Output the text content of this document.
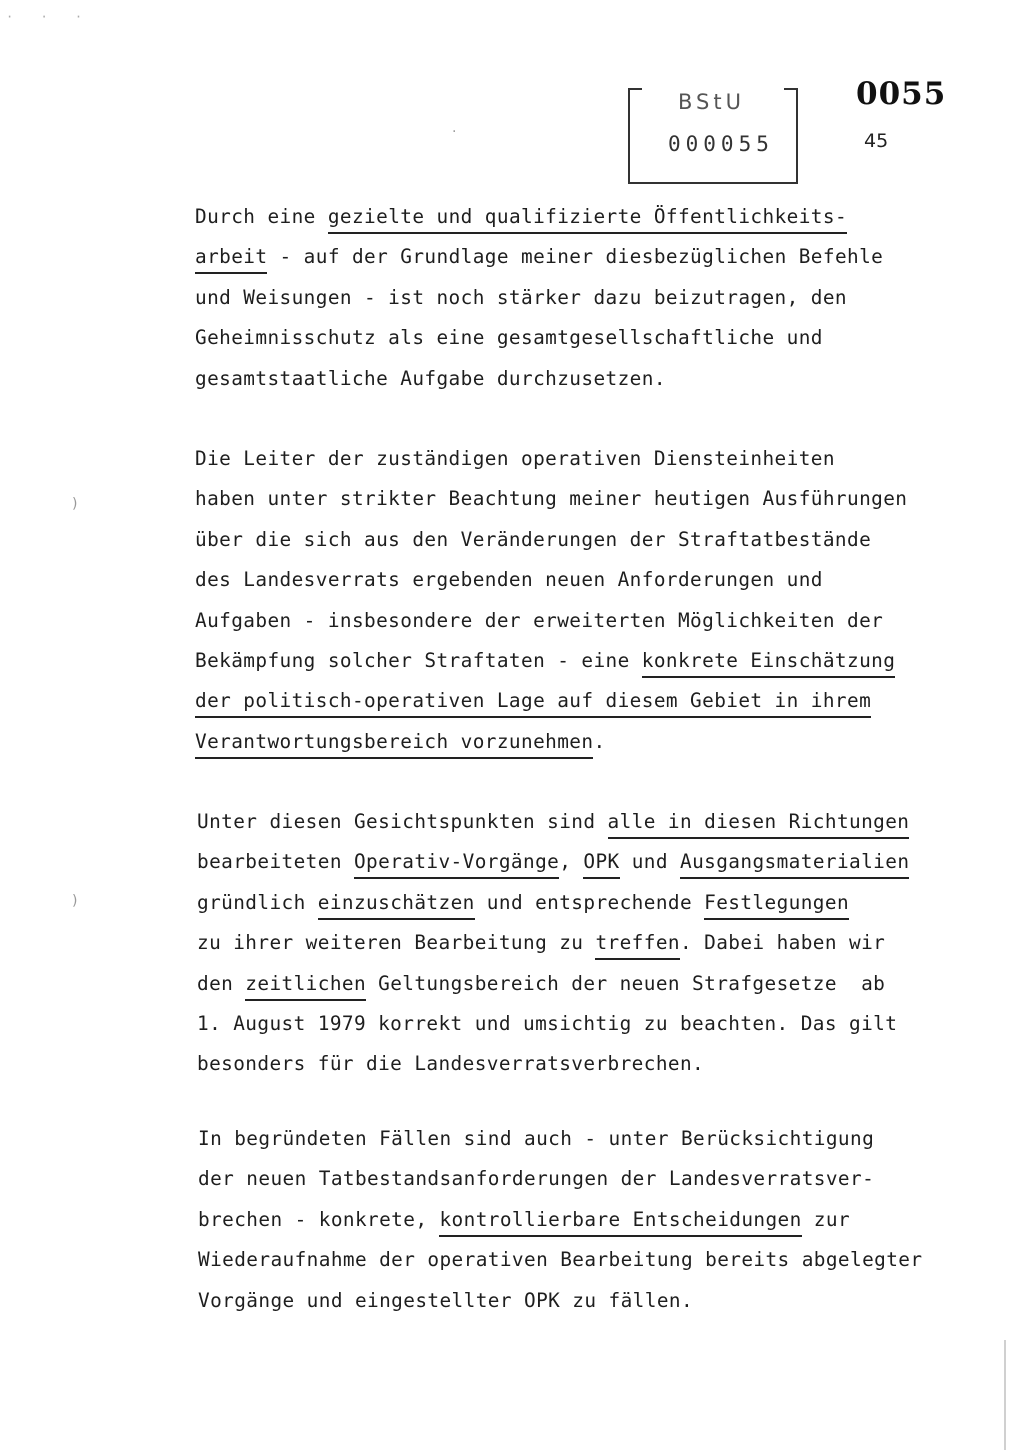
· · ·
BStU
000055
0055
45
·
)
)
Durch eine gezielte und qualifizierte Öffentlichkeits-
arbeit - auf der Grundlage meiner diesbezüglichen Befehle
und Weisungen - ist noch stärker dazu beizutragen, den
Geheimnisschutz als eine gesamtgesellschaftliche und
gesamtstaatliche Aufgabe durchzusetzen.
Die Leiter der zuständigen operativen Diensteinheiten
haben unter strikter Beachtung meiner heutigen Ausführungen
über die sich aus den Veränderungen der Straftatbestände
des Landesverrats ergebenden neuen Anforderungen und
Aufgaben - insbesondere der erweiterten Möglichkeiten der
Bekämpfung solcher Straftaten - eine konkrete Einschätzung
der politisch-operativen Lage auf diesem Gebiet in ihrem
Verantwortungsbereich vorzunehmen.
Unter diesen Gesichtspunkten sind alle in diesen Richtungen
bearbeiteten Operativ-Vorgänge, OPK und Ausgangsmaterialien
gründlich einzuschätzen und entsprechende Festlegungen
zu ihrer weiteren Bearbeitung zu treffen. Dabei haben wir
den zeitlichen Geltungsbereich der neuen Strafgesetze  ab
1. August 1979 korrekt und umsichtig zu beachten. Das gilt
besonders für die Landesverratsverbrechen.
In begründeten Fällen sind auch - unter Berücksichtigung
der neuen Tatbestandsanforderungen der Landesverratsver-
brechen - konkrete, kontrollierbare Entscheidungen zur
Wiederaufnahme der operativen Bearbeitung bereits abgelegter
Vorgänge und eingestellter OPK zu fällen.
